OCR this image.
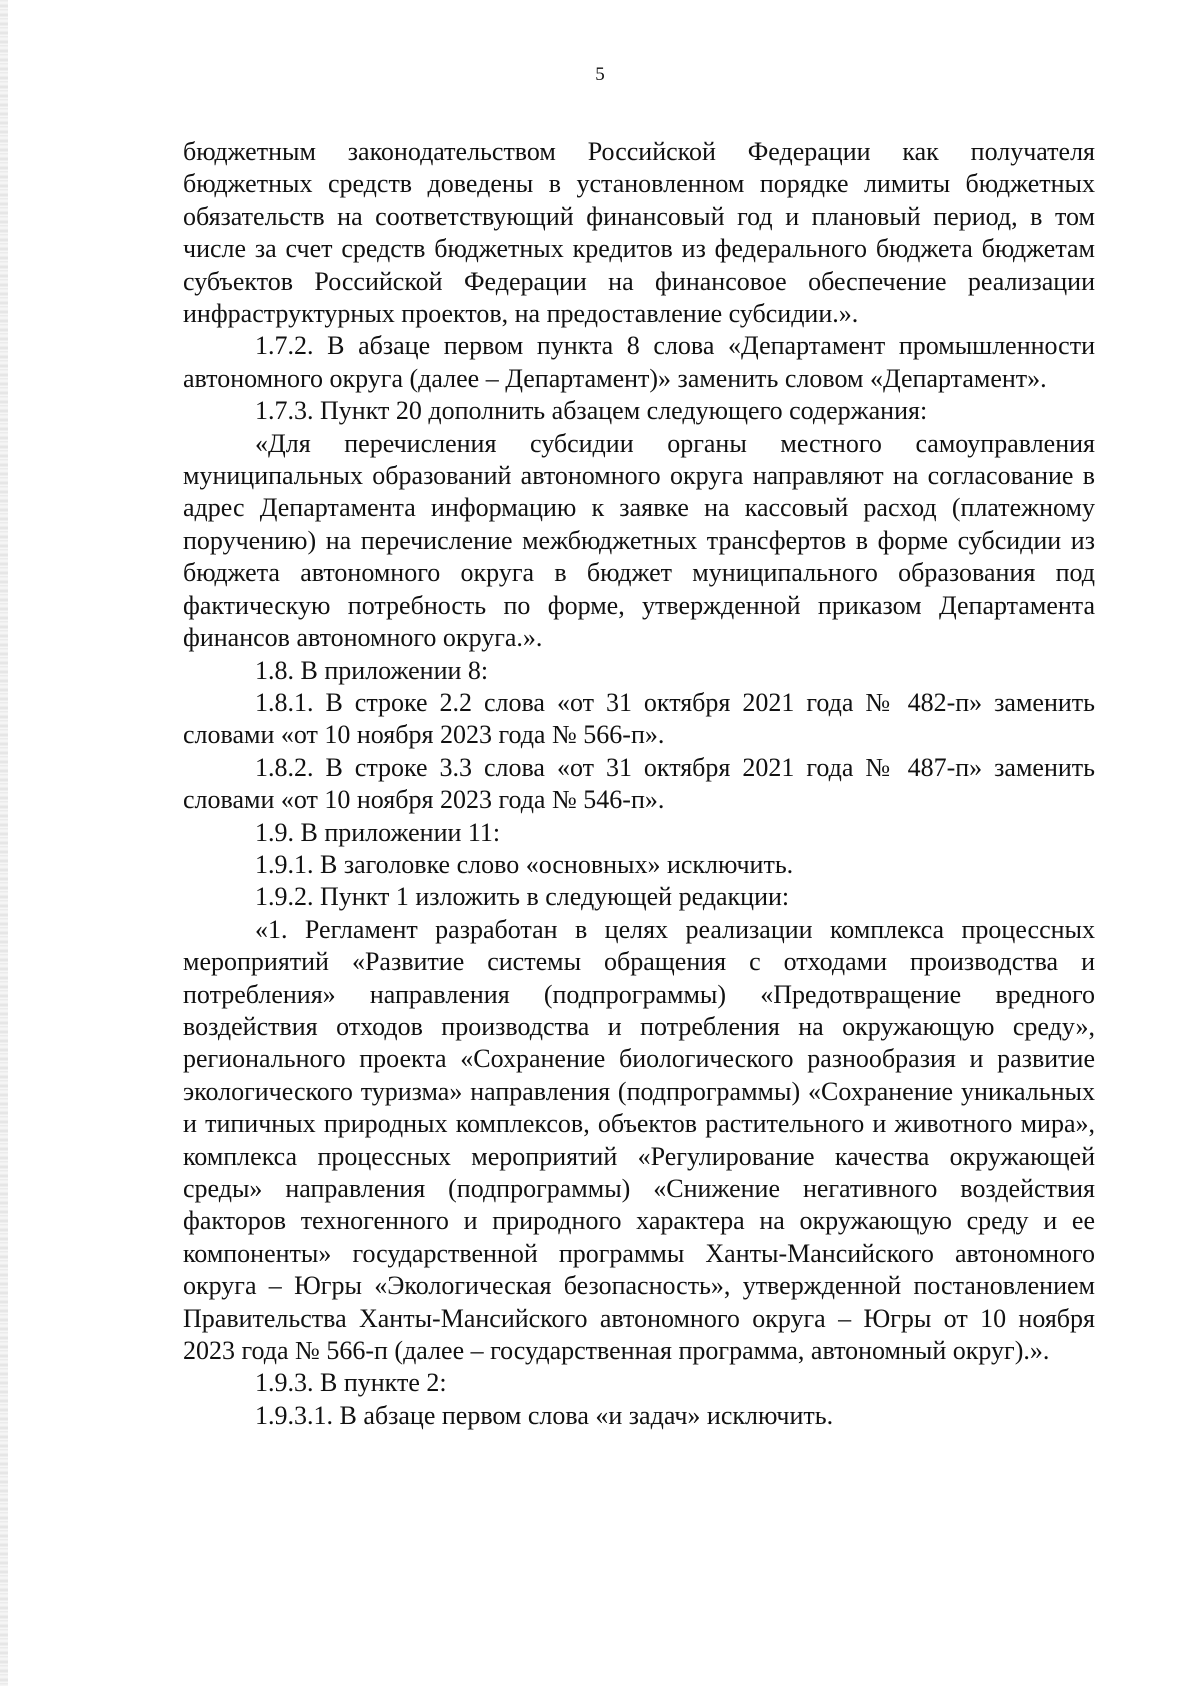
5

бюджетным законодательством Российской Федерации как получателя бюджетных средств доведены в установленном порядке лимиты бюджетных обязательств на соответствующий финансовый год и плановый период, в том числе за счет средств бюджетных кредитов из федерального бюджета бюджетам субъектов Российской Федерации на финансовое обеспечение реализации инфраструктурных проектов, на предоставление субсидии.».

1.7.2. В абзаце первом пункта 8 слова «Департамент промышленности автономного округа (далее – Департамент)» заменить словом «Департамент».

1.7.3. Пункт 20 дополнить абзацем следующего содержания:

«Для перечисления субсидии органы местного самоуправления муниципальных образований автономного округа направляют на согласование в адрес Департамента информацию к заявке на кассовый расход (платежному поручению) на перечисление межбюджетных трансфертов в форме субсидии из бюджета автономного округа в бюджет муниципального образования под фактическую потребность по форме, утвержденной приказом Департамента финансов автономного округа.».

1.8. В приложении 8:

1.8.1. В строке 2.2 слова «от 31 октября 2021 года № 482-п» заменить словами «от 10 ноября 2023 года № 566-п».

1.8.2. В строке 3.3 слова «от 31 октября 2021 года № 487-п» заменить словами «от 10 ноября 2023 года № 546-п».

1.9. В приложении 11:

1.9.1. В заголовке слово «основных» исключить.

1.9.2. Пункт 1 изложить в следующей редакции:

«1. Регламент разработан в целях реализации комплекса процессных мероприятий «Развитие системы обращения с отходами производства и потребления» направления (подпрограммы) «Предотвращение вредного воздействия отходов производства и потребления на окружающую среду», регионального проекта «Сохранение биологического разнообразия и развитие экологического туризма» направления (подпрограммы) «Сохранение уникальных и типичных природных комплексов, объектов растительного и животного мира», комплекса процессных мероприятий «Регулирование качества окружающей среды» направления (подпрограммы) «Снижение негативного воздействия факторов техногенного и природного характера на окружающую среду и ее компоненты» государственной программы Ханты-Мансийского автономного округа – Югры «Экологическая безопасность», утвержденной постановлением Правительства Ханты-Мансийского автономного округа – Югры от 10 ноября 2023 года № 566-п (далее – государственная программа, автономный округ).».

1.9.3. В пункте 2:

1.9.3.1. В абзаце первом слова «и задач» исключить.
